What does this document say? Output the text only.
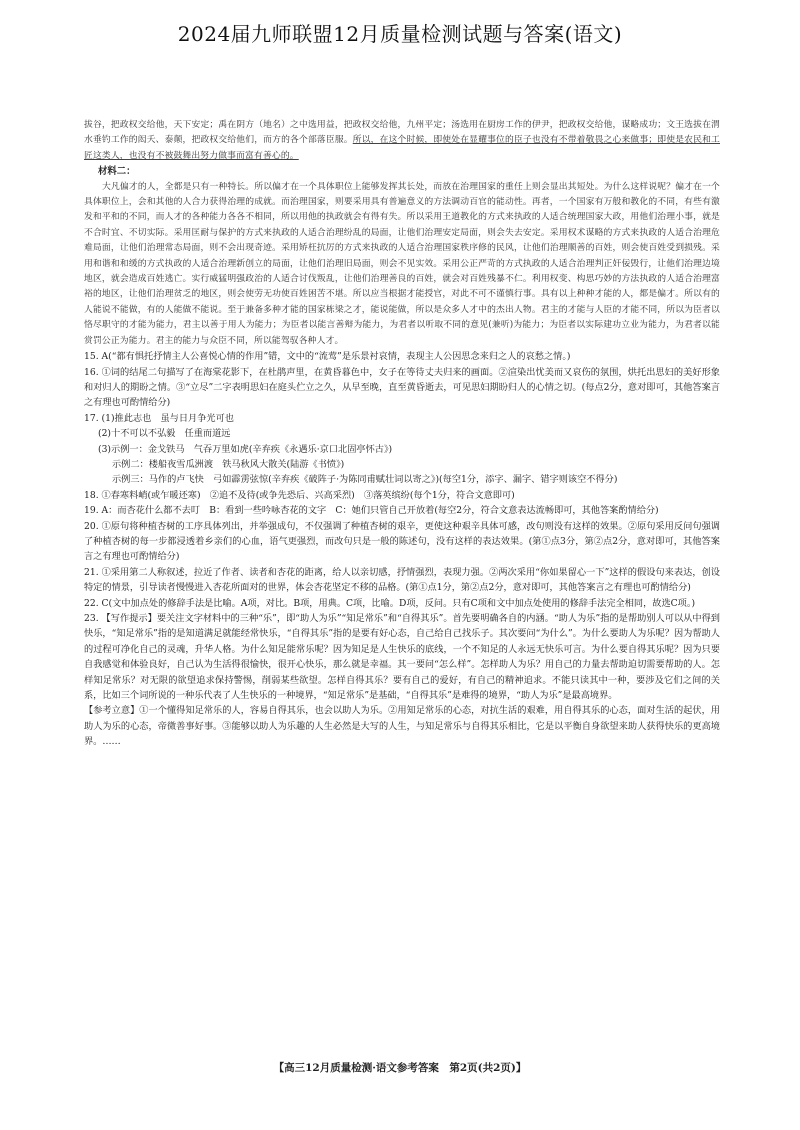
2024届九师联盟12月质量检测试题与答案(语文)

拔谷，把政权交给他，天下安定；禹在阴方（地名）之中选用益，把政权交给他，九州平定；汤选用在厨房工作的伊尹，把政权交给他，谋略成功；文王选拔在渭水垂钓工作的闳夭、泰颠，把政权交给他们，而方的各个部落臣服。所以，在这个时候，即使处在显耀事位的臣子也没有不带着敬畏之心来做事；即使是农民和工匠这类人，也没有不被鼓舞出努力做事而富有善心的。

材料二：

大凡偏才的人，全都是只有一种特长。所以偏才在一个具体职位上能够发挥其长处，而放在治理国家的重任上则会显出其短处。为什么这样说呢？偏才在一个具体职位上，会和其他的人合力获得治理的成就。而治理国家，则要采用具有普遍意义的方法调动百官的能动性。再者，一个国家有万般和教化的不同，有些有激发和平和的不同，而人才的各种能力各各不相同，所以用他的执政就会有得有失。所以采用王道教化的方式来执政的人适合统理国家大政，用他们治理小事，就是不合时宜、不切实际。采用匡耐与保护的方式来执政的人适合治理纷乱的局面，让他们治理安定局面，则会失去安定。采用权术谋略的方式来执政的人适合治理危难局面，让他们治理常态局面，则不会出现奇迹。采用矫枉抗厉的方式来执政的人适合治理国家秩序修的民风，让他们治理顺善的百姓，则会使百姓受到损残。采用和谐和和缓的方式执政的人适合治理新创立的局面，让他们治理旧局面，则会不见实效。采用公正严苛的方式执政的人适合治理判正奸佞毁行，让他们治理边境地区，就会造成百姓逃亡。实行威猛明强政治的人适合讨伐叛乱，让他们治理善良的百姓，就会对百姓残暴不仁。利用权变、构思巧妙的方法执政的人适合治理富裕的地区，让他们治理贫乏的地区，则会使劳无功使百姓困苦不堪。所以应当根据才能授官，对此不可不谨慎行事。具有以上种种才能的人，都是偏才。所以有的人能说不能做，有的人能做不能说。至于兼备多种才能的国家栋梁之才，能说能做，所以是众多人才中的杰出人物。君主的才能与人臣的才能不同，所以为臣者以恪尽职守的才能为能力，君主以善于用人为能力；为臣者以能言善辩为能力，为君者以听取不同的意见(兼听)为能力；为臣者以实际建功立业为能力，为君者以能赏罚公正为能力。君主的能力与众臣不同，所以能驾驭各种人才。

15. A(“都有惧托抒情主人公喜悦心情的作用”错，文中的“流莺”是乐景衬哀情，表现主人公因思念来归之人的哀愁之情。)

16. ①词的结尾二句描写了在海棠花影下，在杜鹃声里，在黄昏暮色中，女子在等待丈夫归来的画面。②渲染出忧美而又哀伤的氛围，烘托出思妇的美好形象和对归人的期盼之情。③“立尽”二字表明思妇在庭头伫立之久，从早至晚，直至黄昏逝去，可见思妇期盼归人的心情之切。(每点2分，意对即可，其他答案言之有理也可酌情给分)

17. (1)推此志也　虽与日月争光可也

(2)十不可以不弘毅　任重而道远

(3)示例一：金戈铁马　气吞万里如虎(辛弃疾《永遇乐·京口北固亭怀古》)

示例二：楼船夜雪瓜洲渡　铁马秋风大散关(陆游《书愤》)

示例三：马作的卢飞快　弓如霹雳弦惊(辛弃疾《破阵子·为陈同甫赋壮词以寄之》)(每空1分，添字、漏字、错字则该空不得分)

18. ①春寒料峭(或乍暖还寒)　②追不及待(或争先恐后、兴高采烈)　③落英缤纷(每个1分，符合文意即可)

19. A：而杏花什么都不去叮　B：看到一些吟咏杏花的文字　C：她们只管自己开放着(每空2分，符合文意表达流畅即可，其他答案酌情给分)

20. ①原句将种植杏树的工序具体列出，并举强成句，不仅强调了种植杏树的艰辛，更使这种艰辛具体可感，改句则没有这样的效果。②原句采用反问句强调了种植杏树的每一步都浸透着乡亲们的心血，语气更强烈，而改句只是一般的陈述句，没有这样的表达效果。(第①点3分，第②点2分，意对即可，其他答案言之有理也可酌情给分)

21. ①采用第二人称叙述，拉近了作者、读者和杏花的距离，给人以亲切感，抒情强烈，表现力强。②两次采用“你如果留心一下”这样的假设句来表达，创设特定的情景，引导读者慢慢进入杏花所面对的世界，体会杏花坚定不移的品格。(第①点1分，第②点2分，意对即可，其他答案言之有理也可酌情给分)

22. C(文中加点处的修辞手法是比喻。A项，对比。B项，用典。C项，比喻。D项，反问。只有C项和文中加点处使用的修辞手法完全相同，故选C项。)

23. 【写作提示】要关注文字材料中的三种“乐”，即“助人为乐”“知足常乐”和“自得其乐”。首先要明确各自的内涵。“助人为乐”指的是帮助别人可以从中得到快乐，“知足常乐”指的是知道满足就能经常快乐，“自得其乐”指的是要有好心态，自己给自己找乐子。其次要问“为什么”。为什么要助人为乐呢？因为帮助人的过程可净化自己的灵魂，升华人格。为什么知足能常乐呢？因为知足是人生快乐的底线，一个不知足的人永远无快乐可言。为什么要自得其乐呢？因为只要自我感觉和体验良好，自己认为生活得很愉快，很开心快乐，那么就是幸福。其一要问“怎么样”。怎样助人为乐？用自己的力量去帮助迫切需要帮助的人。怎样知足常乐？对无限的欲望追求保持警惕，削弱某些欲望。怎样自得其乐？要有自己的爱好，有自己的精神追求。不能只读其中一种，要涉及它们之间的关系，比如三个词所说的一种乐代表了人生快乐的一种境界，“知足常乐”是基础，“自得其乐”是难得的境界，“助人为乐”是最高境界。

【参考立意】①一个懂得知足常乐的人，容易自得其乐，也会以助人为乐。②用知足常乐的心态，对抗生活的艰难，用自得其乐的心态，面对生活的起伏，用助人为乐的心态，帝微善事好事。③能够以助人为乐趣的人生必然是大写的人生，与知足常乐与自得其乐相比，它是以平衡自身欲望来助人获得快乐的更高境界。……

【高三12月质量检测·语文参考答案　第2页(共2页)】
